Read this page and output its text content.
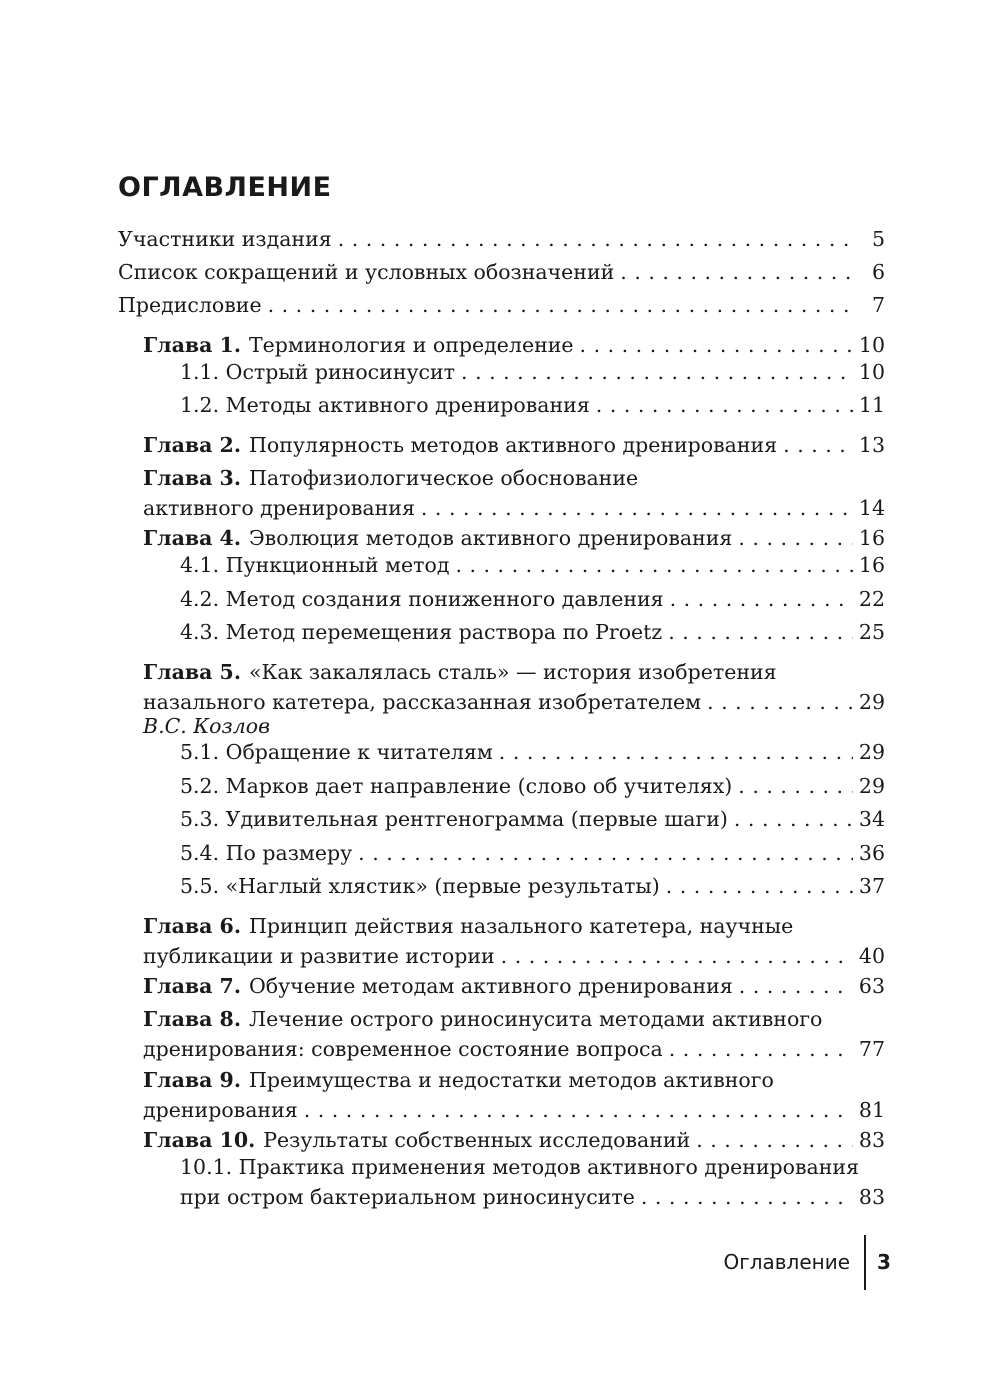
ОГЛАВЛЕНИЕ
Участники издания . . .	5
Список сокращений и условных обозначений . . .	6
Предисловие . . .	7
Глава 1. Терминология и определение . . .	10
1.1. Острый риносинусит . . .	10
1.2. Методы активного дренирования . . .	11
Глава 2. Популярность методов активного дренирования . . .	13
Глава 3. Патофизиологическое обоснование
активного дренирования . . .	14
Глава 4. Эволюция методов активного дренирования . . .	16
4.1. Пункционный метод . . .	16
4.2. Метод создания пониженного давления . . .	22
4.3. Метод перемещения раствора по Proetz . . .	25
Глава 5. «Как закалялась сталь» — история изобретения
назального катетера, рассказанная изобретателем . . .	29
В.С. Козлов
5.1. Обращение к читателям . . .	29
5.2. Марков дает направление (слово об учителях) . . .	29
5.3. Удивительная рентгенограмма (первые шаги) . . .	34
5.4. По размеру . . .	36
5.5. «Наглый хлястик» (первые результаты) . . .	37
Глава 6. Принцип действия назального катетера, научные
публикации и развитие истории . . .	40
Глава 7. Обучение методам активного дренирования . . .	63
Глава 8. Лечение острого риносинусита методами активного
дренирования: современное состояние вопроса . . .	77
Глава 9. Преимущества и недостатки методов активного
дренирования . . .	81
Глава 10. Результаты собственных исследований . . .	83
10.1. Практика применения методов активного дренирования
при остром бактериальном риносинусите . . .	83
Оглавление 3
